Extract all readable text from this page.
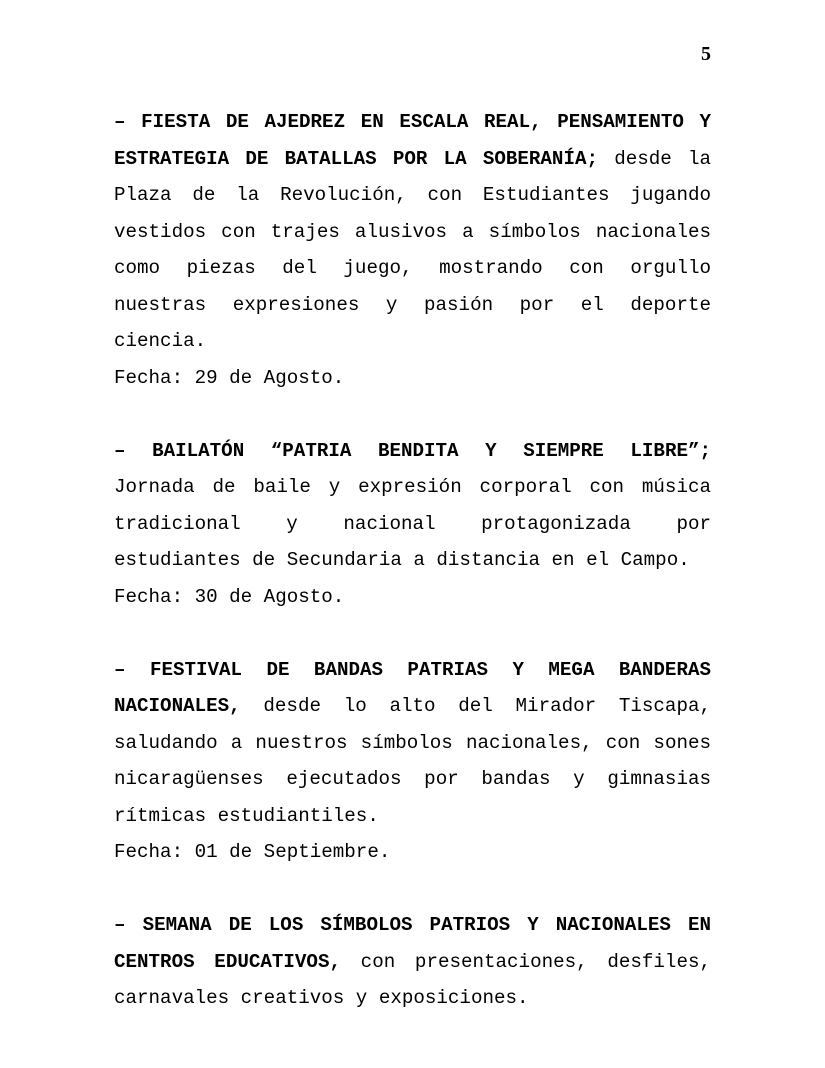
5

– FIESTA DE AJEDREZ EN ESCALA REAL, PENSAMIENTO Y ESTRATEGIA DE BATALLAS POR LA SOBERANÍA; desde la Plaza de la Revolución, con Estudiantes jugando vestidos con trajes alusivos a símbolos nacionales como piezas del juego, mostrando con orgullo nuestras expresiones y pasión por el deporte ciencia.

Fecha: 29 de Agosto.

– BAILATÓN “PATRIA BENDITA Y SIEMPRE LIBRE”; Jornada de baile y expresión corporal con música tradicional y nacional protagonizada por estudiantes de Secundaria a distancia en el Campo.

Fecha: 30 de Agosto.

– FESTIVAL DE BANDAS PATRIAS Y MEGA BANDERAS NACIONALES, desde lo alto del Mirador Tiscapa, saludando a nuestros símbolos nacionales, con sones nicaragüenses ejecutados por bandas y gimnasias rítmicas estudiantiles.

Fecha: 01 de Septiembre.

– SEMANA DE LOS SÍMBOLOS PATRIOS Y NACIONALES EN CENTROS EDUCATIVOS, con presentaciones, desfiles, carnavales creativos y exposiciones.
